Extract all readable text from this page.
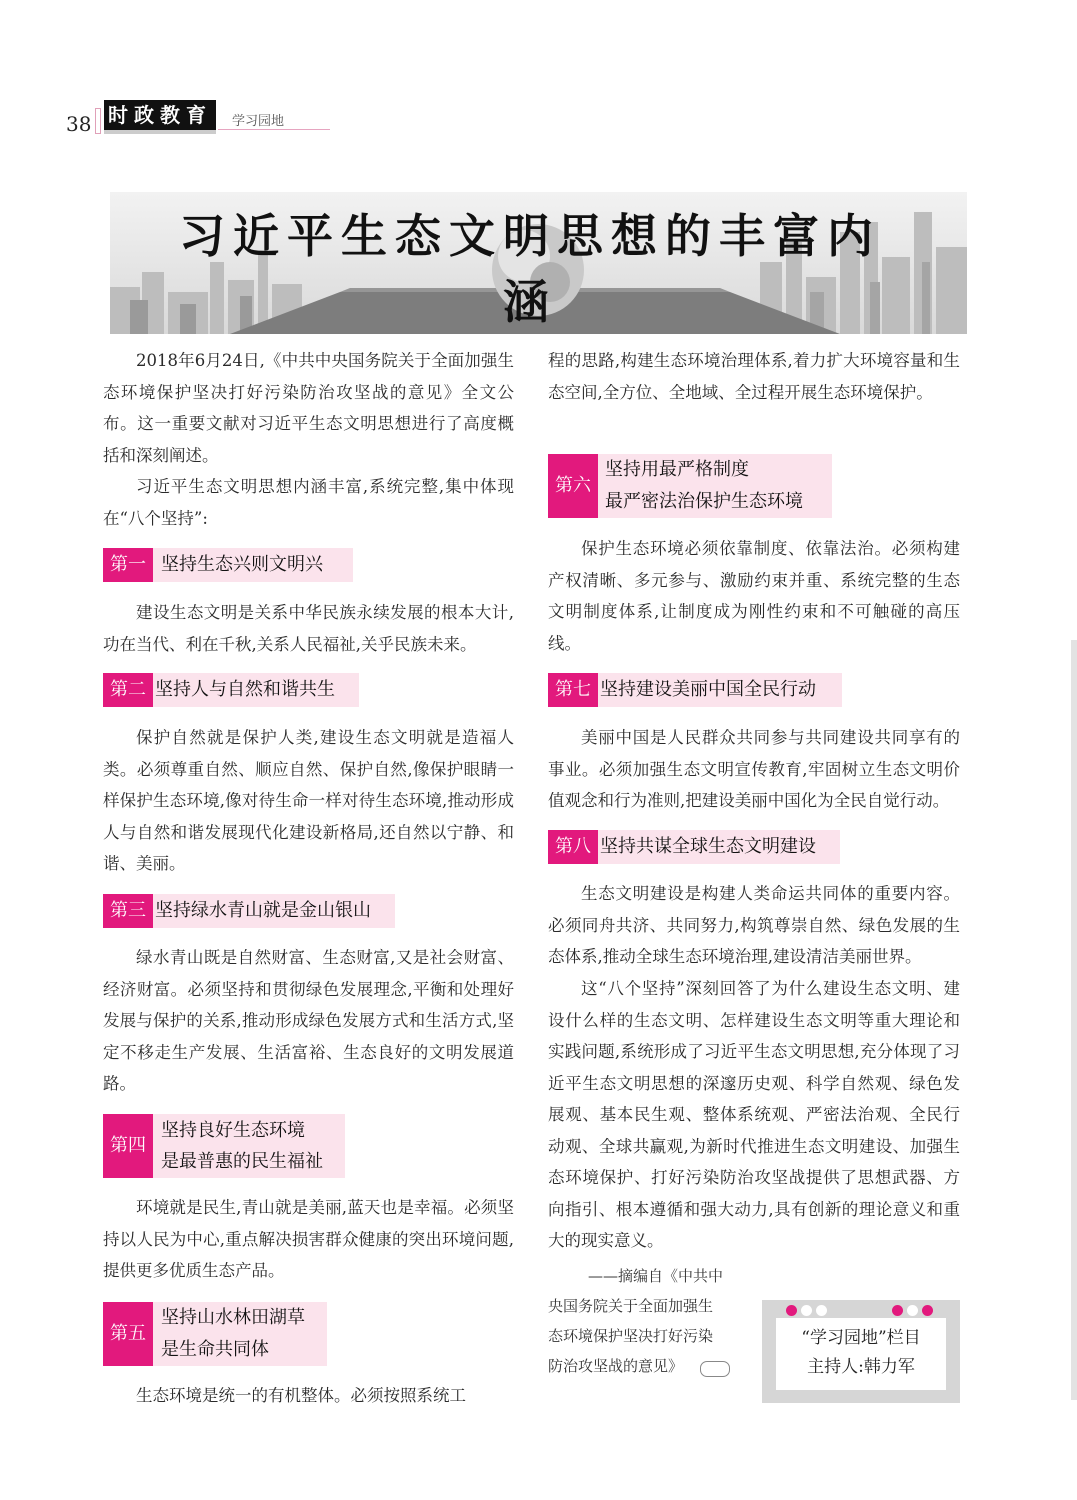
38 时政教育	学习园地
习近平生态文明思想的丰富内涵
2018年6月24日,《中共中央国务院关于全面加强生态环境保护坚决打好污染防治攻坚战的意见》全文公布。这一重要文献对习近平生态文明思想进行了高度概括和深刻阐述。
习近平生态文明思想内涵丰富,系统完整,集中体现在“八个坚持”:
第一 坚持生态兴则文明兴
建设生态文明是关系中华民族永续发展的根本大计,功在当代、利在千秋,关系人民福祉,关乎民族未来。
第二 坚持人与自然和谐共生
保护自然就是保护人类,建设生态文明就是造福人类。必须尊重自然、顺应自然、保护自然,像保护眼睛一样保护生态环境,像对待生命一样对待生态环境,推动形成人与自然和谐发展现代化建设新格局,还自然以宁静、和谐、美丽。
第三 坚持绿水青山就是金山银山
绿水青山既是自然财富、生态财富,又是社会财富、经济财富。必须坚持和贯彻绿色发展理念,平衡和处理好发展与保护的关系,推动形成绿色发展方式和生活方式,坚定不移走生产发展、生活富裕、生态良好的文明发展道路。
第四
坚持良好生态环境
是最普惠的民生福祉
环境就是民生,青山就是美丽,蓝天也是幸福。必须坚持以人民为中心,重点解决损害群众健康的突出环境问题,提供更多优质生态产品。
第五
坚持山水林田湖草
是生命共同体
生态环境是统一的有机整体。必须按照系统工
程的思路,构建生态环境治理体系,着力扩大环境容量和生态空间,全方位、全地域、全过程开展生态环境保护。
第六
坚持用最严格制度
最严密法治保护生态环境
保护生态环境必须依靠制度、依靠法治。必须构建产权清晰、多元参与、激励约束并重、系统完整的生态文明制度体系,让制度成为刚性约束和不可触碰的高压线。
第七 坚持建设美丽中国全民行动
美丽中国是人民群众共同参与共同建设共同享有的事业。必须加强生态文明宣传教育,牢固树立生态文明价值观念和行为准则,把建设美丽中国化为全民自觉行动。
第八 坚持共谋全球生态文明建设
生态文明建设是构建人类命运共同体的重要内容。必须同舟共济、共同努力,构筑尊崇自然、绿色发展的生态体系,推动全球生态环境治理,建设清洁美丽世界。
这“八个坚持”深刻回答了为什么建设生态文明、建设什么样的生态文明、怎样建设生态文明等重大理论和实践问题,系统形成了习近平生态文明思想,充分体现了习近平生态文明思想的深邃历史观、科学自然观、绿色发展观、基本民生观、整体系统观、严密法治观、全民行动观、全球共赢观,为新时代推进生态文明建设、加强生态环境保护、打好污染防治攻坚战提供了思想武器、方向指引、根本遵循和强大动力,具有创新的理论意义和重大的现实意义。
——摘编自《中共中
央国务院关于全面加强生
态环境保护坚决打好污染
防治攻坚战的意见》
“学习园地”栏目
主持人:韩力军
